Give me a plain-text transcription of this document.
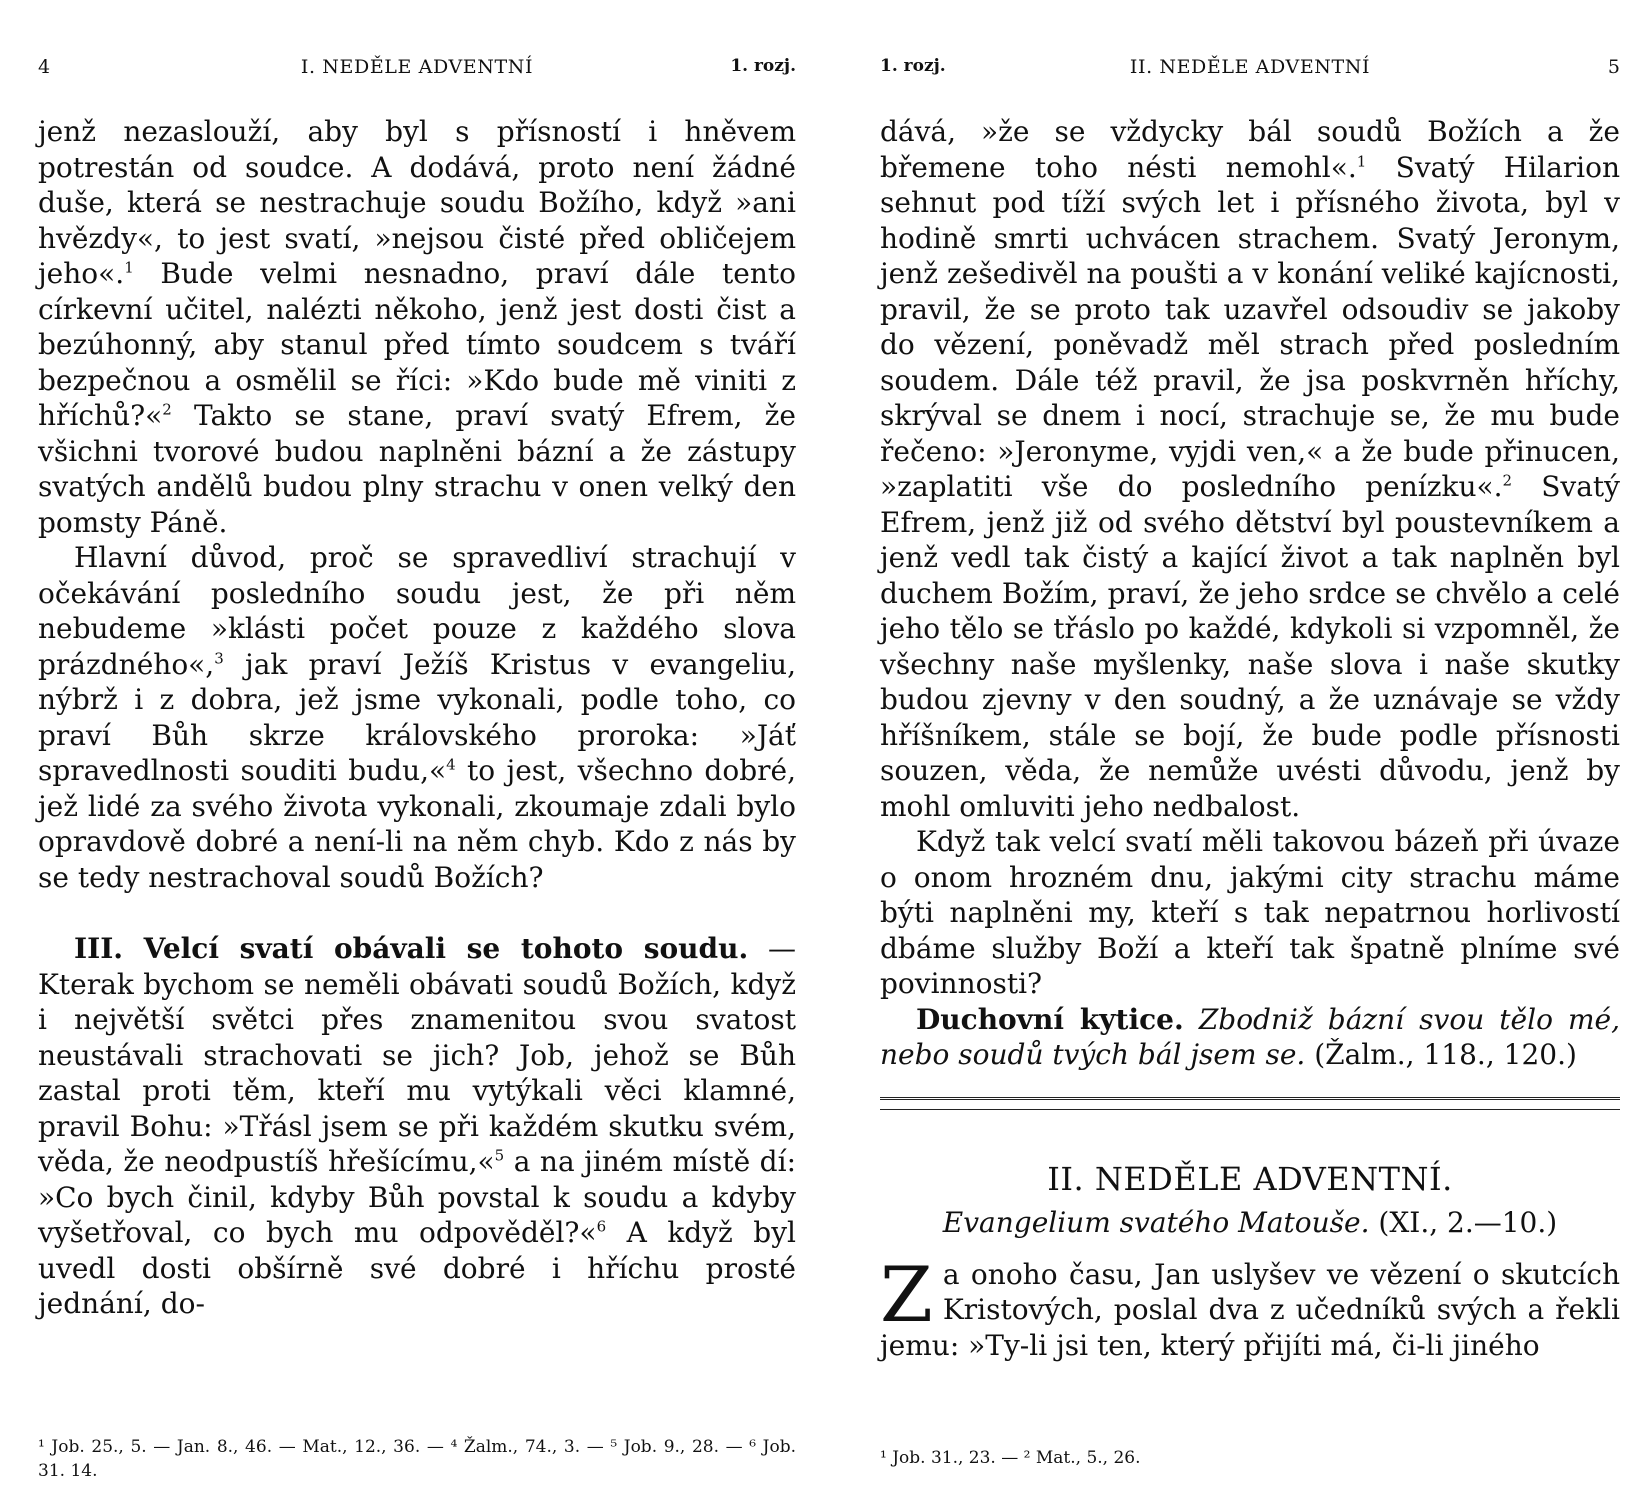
4	I. NEDĚLE ADVENTNÍ	1. rozj.

jenž nezaslouží, aby byl s přísností i hněvem potrestán od soudce. A dodává, proto není žádné duše, která se nestrachuje soudu Božího, když »ani hvězdy«, to jest svatí, »nejsou čisté před obličejem jeho«.$^1$ Bude velmi nesnadno, praví dále tento církevní učitel, nalézti někoho, jenž jest dosti čist a bezúhonný, aby stanul před tímto soudcem s tváří bezpečnou a osmělil se říci: »Kdo bude mě viniti z hříchů?«$^2$ Takto se stane, praví svatý Efrem, že všichni tvorové budou naplněni bázní a že zástupy svatých andělů budou plny strachu v onen velký den pomsty Páně.

Hlavní důvod, proč se spravedliví strachují v očekávání posledního soudu jest, že při něm nebudeme »klásti počet pouze z každého slova prázdného«,$^3$ jak praví Ježíš Kristus v evangeliu, nýbrž i z dobra, jež jsme vykonali, podle toho, co praví Bůh skrze královského proroka: »Jáť spravedlnosti souditi budu,«$^4$ to jest, všechno dobré, jež lidé za svého života vykonali, zkoumaje zdali bylo opravdově dobré a není-li na něm chyb. Kdo z nás by se tedy nestrachoval soudů Božích?

III. Velcí svatí obávali se tohoto soudu. — Kterak bychom se neměli obávati soudů Božích, když i největší světci přes znamenitou svou svatost neustávali strachovati se jich? Job, jehož se Bůh zastal proti těm, kteří mu vytýkali věci klamné, pravil Bohu: »Třásl jsem se při každém skutku svém, věda, že neodpustíš hřešícímu,«$^5$ a na jiném místě dí: »Co bych činil, kdyby Bůh povstal k soudu a kdyby vyšetřoval, co bych mu odpověděl?«$^6$ A když byl uvedl dosti obšírně své dobré i hříchu prosté jednání, do-

¹ Job. 25., 5. — Jan. 8., 46. — Mat., 12., 36. — ⁴ Žalm., 74., 3. — ⁵ Job. 9., 28. — ⁶ Job. 31. 14.
1. rozj.	II. NEDĚLE ADVENTNÍ	5

dává, »že se vždycky bál soudů Božích a že břemene toho nésti nemohl«.$^1$ Svatý Hilarion sehnut pod tíží svých let i přísného života, byl v hodině smrti uchvácen strachem. Svatý Jeronym, jenž zešedivěl na poušti a v konání veliké kajícnosti, pravil, že se proto tak uzavřel odsoudiv se jakoby do vězení, poněvadž měl strach před posledním soudem. Dále též pravil, že jsa poskvrněn hříchy, skrýval se dnem i nocí, strachuje se, že mu bude řečeno: »Jeronyme, vyjdi ven,« a že bude přinucen, »zaplatiti vše do posledního penízku«.$^2$ Svatý Efrem, jenž již od svého dětství byl poustevníkem a jenž vedl tak čistý a kající život a tak naplněn byl duchem Božím, praví, že jeho srdce se chvělo a celé jeho tělo se třáslo po každé, kdykoli si vzpomněl, že všechny naše myšlenky, naše slova i naše skutky budou zjevny v den soudný, a že uznávaje se vždy hříšníkem, stále se bojí, že bude podle přísnosti souzen, věda, že nemůže uvésti důvodu, jenž by mohl omluviti jeho nedbalost.

Když tak velcí svatí měli takovou bázeň při úvaze o onom hrozném dnu, jakými city strachu máme býti naplněni my, kteří s tak nepatrnou horlivostí dbáme služby Boží a kteří tak špatně plníme své povinnosti?

Duchovní kytice. Zbodniž bázní svou tělo mé, nebo soudů tvých bál jsem se. (Žalm., 118., 120.)

II. NEDĚLE ADVENTNÍ.
Evangelium svatého Matouše. (XI., 2.—10.)

Za onoho času, Jan uslyšev ve vězení o skutcích Kristových, poslal dva z učedníků svých a řekli jemu: »Ty-li jsi ten, který přijíti má, či-li jiného

¹ Job. 31., 23. — ² Mat., 5., 26.
